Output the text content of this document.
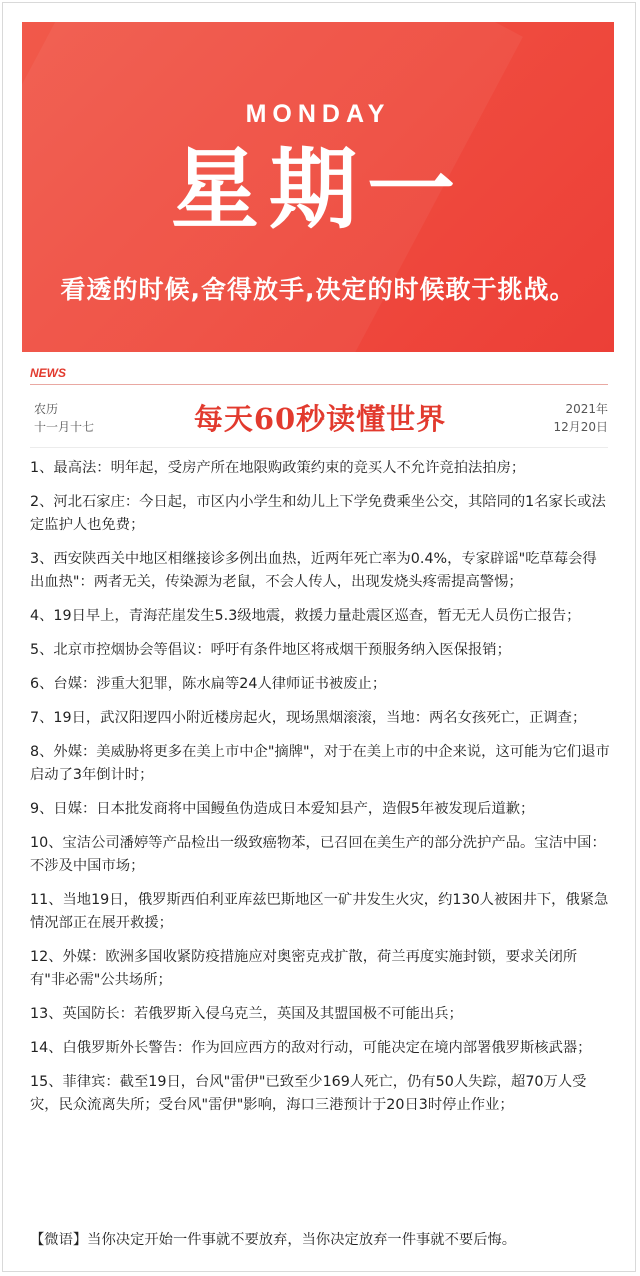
MONDAY
星期一
看透的时候,舍得放手,决定的时候敢于挑战。
NEWS
农历
十一月十七	每天60秒读懂世界	2021年
12月20日
1、最高法：明年起，受房产所在地限购政策约束的竞买人不允许竞拍法拍房；
2、河北石家庄：今日起，市区内小学生和幼儿上下学免费乘坐公交，其陪同的1名家长或法定监护人也免费；
3、西安陕西关中地区相继接诊多例出血热，近两年死亡率为0.4%，专家辟谣"吃草莓会得出血热"：两者无关，传染源为老鼠，不会人传人，出现发烧头疼需提高警惕；
4、19日早上，青海茫崖发生5.3级地震，救援力量赴震区巡查，暂无无人员伤亡报告；
5、北京市控烟协会等倡议：呼吁有条件地区将戒烟干预服务纳入医保报销；
6、台媒：涉重大犯罪，陈水扁等24人律师证书被废止；
7、19日，武汉阳逻四小附近楼房起火，现场黑烟滚滚，当地：两名女孩死亡，正调查；
8、外媒：美威胁将更多在美上市中企"摘牌"，对于在美上市的中企来说，这可能为它们退市启动了3年倒计时；
9、日媒：日本批发商将中国鳗鱼伪造成日本爱知县产，造假5年被发现后道歉；
10、宝洁公司潘婷等产品检出一级致癌物苯，已召回在美生产的部分洗护产品。宝洁中国：不涉及中国市场；
11、当地19日，俄罗斯西伯利亚库兹巴斯地区一矿井发生火灾，约130人被困井下，俄紧急情况部正在展开救援；
12、外媒：欧洲多国收紧防疫措施应对奥密克戎扩散，荷兰再度实施封锁，要求关闭所有"非必需"公共场所；
13、英国防长：若俄罗斯入侵乌克兰，英国及其盟国极不可能出兵；
14、白俄罗斯外长警告：作为回应西方的敌对行动，可能决定在境内部署俄罗斯核武器；
15、菲律宾：截至19日，台风"雷伊"已致至少169人死亡，仍有50人失踪，超70万人受灾，民众流离失所；受台风"雷伊"影响，海口三港预计于20日3时停止作业；
【微语】当你决定开始一件事就不要放弃，当你决定放弃一件事就不要后悔。
